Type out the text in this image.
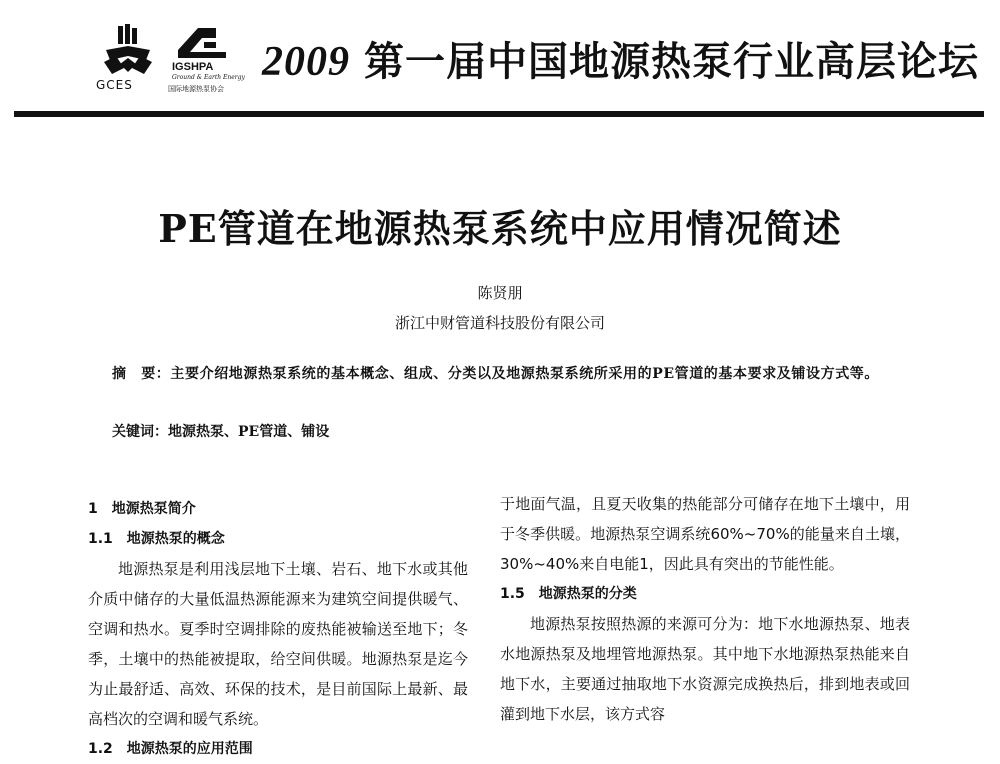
GCES
IGSHPA
Ground & Earth Energy
国际地源热泵协会
2009 第一届中国地源热泵行业高层论坛
PE管道在地源热泵系统中应用情况简述
陈贤朋
浙江中财管道科技股份有限公司
摘　要：主要介绍地源热泵系统的基本概念、组成、分类以及地源热泵系统所采用的PE管道的基本要求及铺设方式等。
关键词：地源热泵、PE管道、铺设

1　地源热泵简介

1.1　地源热泵的概念

地源热泵是利用浅层地下土壤、岩石、地下水或其他介质中储存的大量低温热源能源来为建筑空间提供暖气、空调和热水。夏季时空调排除的废热能被输送至地下；冬季，土壤中的热能被提取，给空间供暖。地源热泵是迄今为止最舒适、高效、环保的技术，是目前国际上最新、最高档次的空调和暖气系统。

1.2　地源热泵的应用范围

于地面气温，且夏天收集的热能部分可储存在地下土壤中，用于冬季供暖。地源热泵空调系统60%~70%的能量来自土壤，30%~40%来自电能1，因此具有突出的节能性能。

1.5　地源热泵的分类

地源热泵按照热源的来源可分为：地下水地源热泵、地表水地源热泵及地埋管地源热泵。其中地下水地源热泵热能来自地下水，主要通过抽取地下水资源完成换热后，排到地表或回灌到地下水层，该方式容
